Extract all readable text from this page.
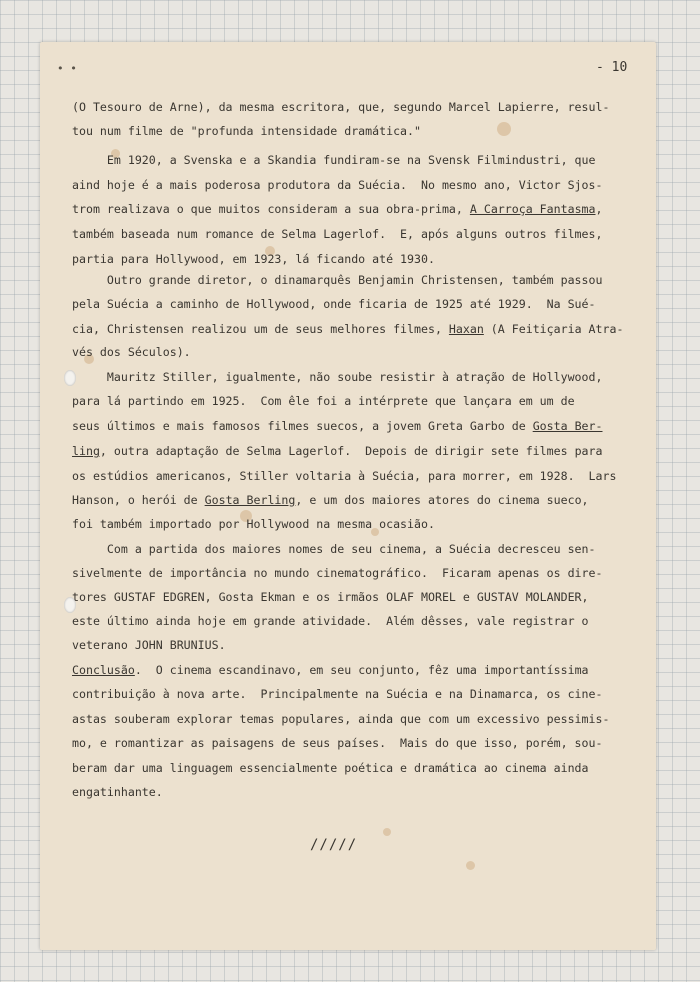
• •	- 10
(O Tesouro de Arne), da mesma escritora, que, segundo Marcel Lapierre, resul-
tou num filme de "profunda intensidade dramática."
Em 1920, a Svenska e a Skandia fundiram-se na Svensk Filmindustri, que
aind hoje é a mais poderosa produtora da Suécia.  No mesmo ano, Victor Sjos-
trom realizava o que muitos consideram a sua obra-prima, A Carroça Fantasma,
também baseada num romance de Selma Lagerlof.  E, após alguns outros filmes,
partia para Hollywood, em 1923, lá ficando até 1930.
Outro grande diretor, o dinamarquês Benjamin Christensen, também passou
pela Suécia a caminho de Hollywood, onde ficaria de 1925 até 1929.  Na Sué-
cia, Christensen realizou um de seus melhores filmes, Haxan (A Feitiçaria Atra-
vés dos Séculos).
Mauritz Stiller, igualmente, não soube resistir à atração de Hollywood,
para lá partindo em 1925.  Com êle foi a intérprete que lançara em um de
seus últimos e mais famosos filmes suecos, a jovem Greta Garbo de Gosta Ber-
ling, outra adaptação de Selma Lagerlof.  Depois de dirigir sete filmes para
os estúdios americanos, Stiller voltaria à Suécia, para morrer, em 1928.  Lars
Hanson, o herói de Gosta Berling, e um dos maiores atores do cinema sueco,
foi também importado por Hollywood na mesma ocasião.
Com a partida dos maiores nomes de seu cinema, a Suécia decresceu sen-
sivelmente de importância no mundo cinematográfico.  Ficaram apenas os dire-
tores GUSTAF EDGREN, Gosta Ekman e os irmãos OLAF MOREL e GUSTAV MOLANDER,
este último ainda hoje em grande atividade.  Além dêsses, vale registrar o
veterano JOHN BRUNIUS.
Conclusão.  O cinema escandinavo, em seu conjunto, fêz uma importantíssima
contribuição à nova arte.  Principalmente na Suécia e na Dinamarca, os cine-
astas souberam explorar temas populares, ainda que com um excessivo pessimis-
mo, e romantizar as paisagens de seus países.  Mais do que isso, porém, sou-
beram dar uma linguagem essencialmente poética e dramática ao cinema ainda
engatinhante.
/////
